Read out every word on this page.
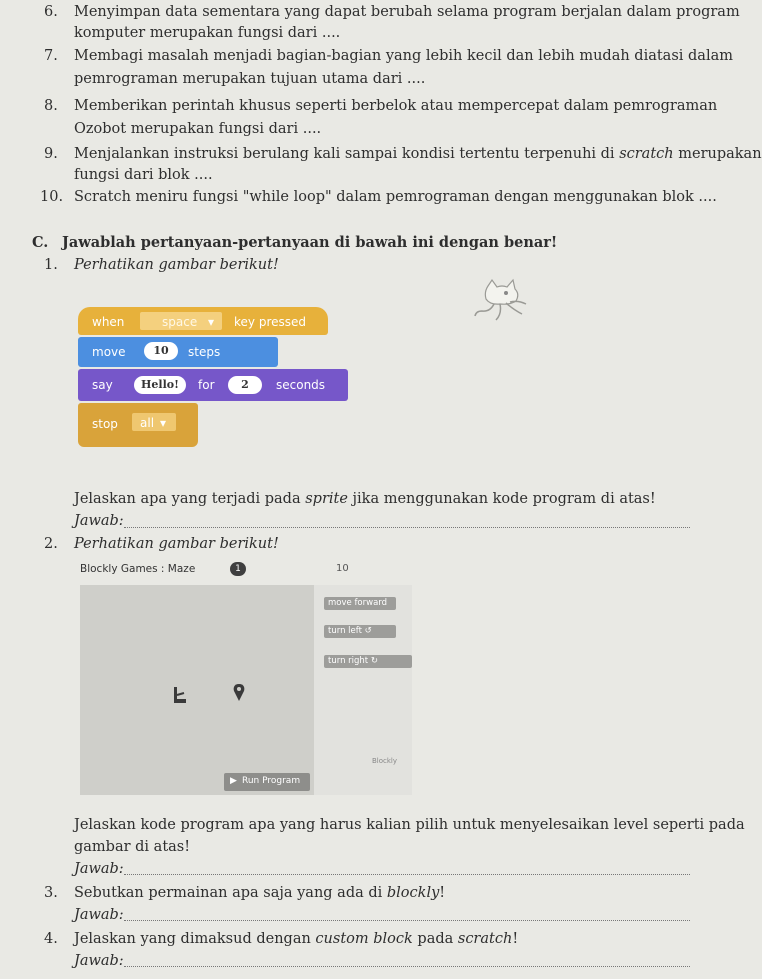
6. Menyimpan data sementara yang dapat berubah selama program berjalan dalam program
komputer merupakan fungsi dari ....
7. Membagi masalah menjadi bagian-bagian yang lebih kecil dan lebih mudah diatasi dalam
pemrograman merupakan tujuan utama dari ....
8. Memberikan perintah khusus seperti berbelok atau mempercepat dalam pemrograman
Ozobot merupakan fungsi dari ....
9. Menjalankan instruksi berulang kali sampai kondisi tertentu terpenuhi di scratch merupakan
fungsi dari blok ....
10. Scratch meniru fungsi "while loop" dalam pemrograman dengan menggunakan blok ....
C. Jawablah pertanyaan-pertanyaan di bawah ini dengan benar!
1. Perhatikan gambar berikut!
when	space ▾ key pressed
move	10	steps
say	Hello!	for	2	seconds
stop all ▾
Jelaskan apa yang terjadi pada sprite jika menggunakan kode program di atas!
Jawab:
2. Perhatikan gambar berikut!
Blockly Games : Maze	1	10
move forward
turn left ↺
turn right ↻
Blockly
▶ Run Program
Jelaskan kode program apa yang harus kalian pilih untuk menyelesaikan level seperti pada
gambar di atas!
Jawab:
3. Sebutkan permainan apa saja yang ada di blockly!
Jawab:
4. Jelaskan yang dimaksud dengan custom block pada scratch!
Jawab:
